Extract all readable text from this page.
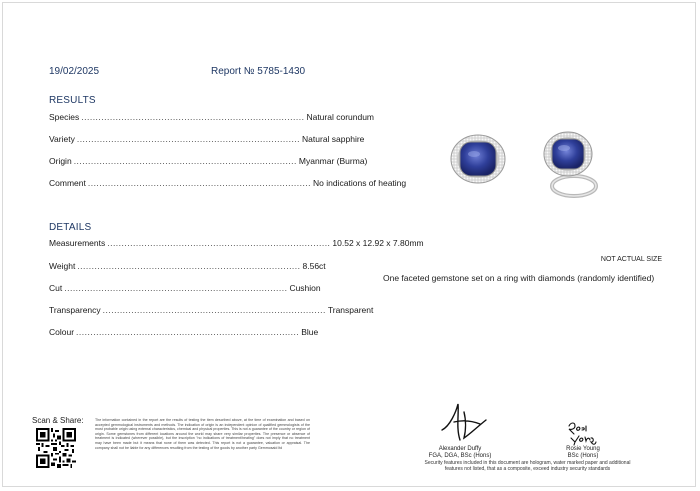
19/02/2025	Report № 5785-1430
RESULTS
Species .............................................................................. Natural corundum
Variety .............................................................................. Natural sapphire
Origin .............................................................................. Myanmar (Burma)
Comment .............................................................................. No indications of heating
DETAILS
Measurements .............................................................................. 10.52 x 12.92 x 7.80mm
Weight .............................................................................. 8.56ct
Cut .............................................................................. Cushion
Transparency .............................................................................. Transparent
Colour .............................................................................. Blue
NOT ACTUAL SIZE
One faceted gemstone set on a ring with diamonds (randomly identified)
Scan & Share:	The information contained in the report are the results of testing the item described above, at the time of examination and based on accepted gemmological instruments and methods. The indication of origin is an independent opinion of qualified gemmologists of the most probable origin using external characteristics, chemical and physical properties. This is not a guarantee of the country or region of origin. Some gemstones from different locations around the world may share very similar properties. The presence or absence of treatment is indicated (wherever possible), but the inscription "no indications of treatment/heating" does not imply that no treatment may have been made but it means that none of them was detected. This report is not a guarantee, valuation or appraisal. The company shall not be liable for any differences resulting from the testing of the goods by another party Gemmosaid ltd	Alexander Duffy
FGA, DGA, BSc (Hons)
Rosie Young
BSc (Hons)
Security features included in this document are hologram, water marked paper and additional features not listed, that as a composite, exceed industry security standards
